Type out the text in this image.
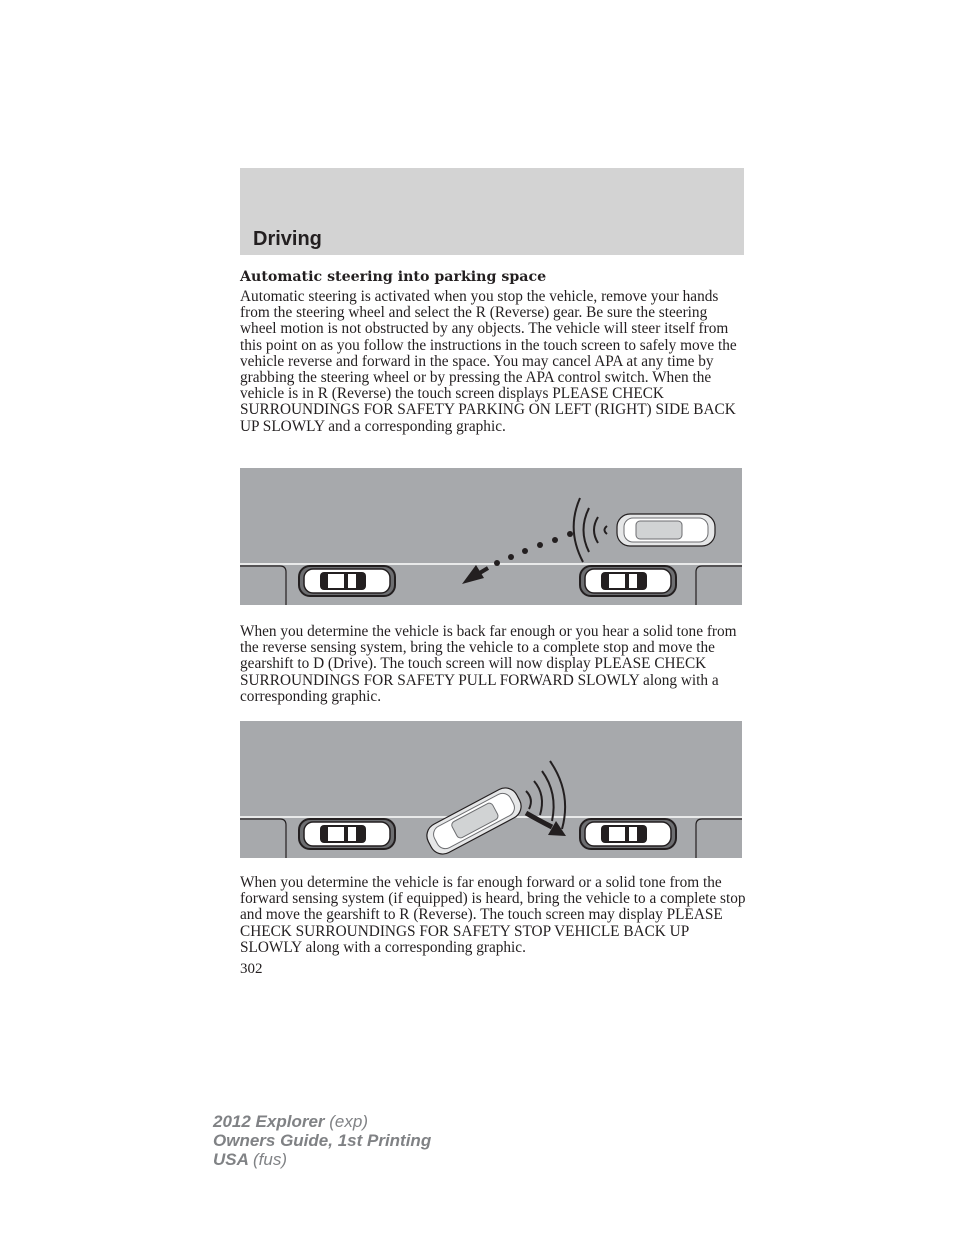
Driving
Automatic steering into parking space

Automatic steering is activated when you stop the vehicle, remove your hands from the steering wheel and select the R (Reverse) gear. Be sure the steering wheel motion is not obstructed by any objects. The vehicle will steer itself from this point on as you follow the instructions in the touch screen to safely move the vehicle reverse and forward in the space. You may cancel APA at any time by grabbing the steering wheel or by pressing the APA control switch. When the vehicle is in R (Reverse) the touch screen displays PLEASE CHECK SURROUNDINGS FOR SAFETY PARKING ON LEFT (RIGHT) SIDE BACK UP SLOWLY and a corresponding graphic.

When you determine the vehicle is back far enough or you hear a solid tone from the reverse sensing system, bring the vehicle to a complete stop and move the gearshift to D (Drive). The touch screen will now display PLEASE CHECK SURROUNDINGS FOR SAFETY PULL FORWARD SLOWLY along with a corresponding graphic.

When you determine the vehicle is far enough forward or a solid tone from the forward sensing system (if equipped) is heard, bring the vehicle to a complete stop and move the gearshift to R (Reverse). The touch screen may display PLEASE CHECK SURROUNDINGS FOR SAFETY STOP VEHICLE BACK UP SLOWLY along with a corresponding graphic.

302
2012 Explorer (exp)
Owners Guide, 1st Printing
USA (fus)
